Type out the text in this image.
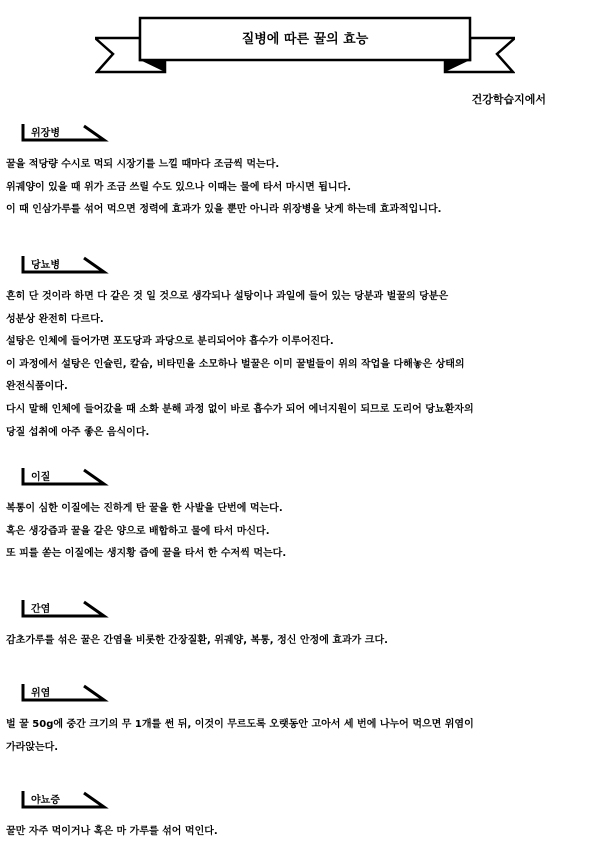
질병에 따른 꿀의 효능
건강학습지에서
위장병
꿀을 적당량 수시로 먹되 시장기를 느낄 때마다 조금씩 먹는다.
위궤양이 있을 때 위가 조금 쓰릴 수도 있으나 이때는 물에 타서 마시면 됩니다.
이 때 인삼가루를 섞어 먹으면 정력에 효과가 있을 뿐만 아니라 위장병을 낫게 하는데 효과적입니다.
당뇨병
흔히 단 것이라 하면 다 같은 것 일 것으로 생각되나 설탕이나 과일에 들어 있는 당분과 벌꿀의 당분은
성분상 완전히 다르다.
설탕은 인체에 들어가면 포도당과 과당으로 분리되어야 흡수가 이루어진다.
이 과정에서 설탕은 인슐린, 칼슘, 비타민을 소모하나 벌꿀은 이미 꿀벌들이 위의 작업을 다해놓은 상태의
완전식품이다.
다시 말해 인체에 들어갔을 때 소화 분해 과정 없이 바로 흡수가 되어 에너지원이 되므로 도리어 당뇨환자의
당질 섭취에 아주 좋은 음식이다.
이질
복통이 심한 이질에는 진하게 탄 꿀을 한 사발을 단번에 먹는다.
혹은 생강즙과 꿀을 같은 양으로 배합하고 물에 타서 마신다.
또 피를 쏟는 이질에는 생지황 즙에 꿀을 타서 한 수저씩 먹는다.
간염
감초가루를 섞은 꿀은 간염을 비롯한 간장질환, 위궤양, 복통, 정신 안정에 효과가 크다.
위염
벌 꿀 50g에 중간 크기의 무 1개를 썬 뒤, 이것이 무르도록 오랫동안 고아서 세 번에 나누어 먹으면 위염이
가라앉는다.
야뇨증
꿀만 자주 먹이거나 혹은 마 가루를 섞어 먹인다.
